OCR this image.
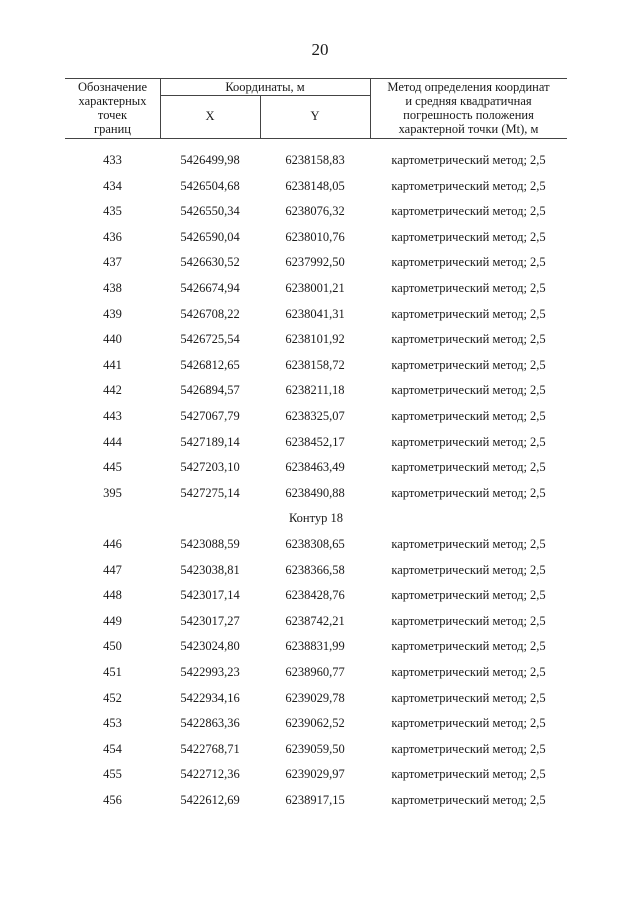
20
Обозначение
характерных
точек
границ
Координаты, м
X	Y
Метод определения координат
и средняя квадратичная
погрешность положения
характерной точки (Mt), м
433	5426499,98	6238158,83	картометрический метод; 2,5
434	5426504,68	6238148,05	картометрический метод; 2,5
435	5426550,34	6238076,32	картометрический метод; 2,5
436	5426590,04	6238010,76	картометрический метод; 2,5
437	5426630,52	6237992,50	картометрический метод; 2,5
438	5426674,94	6238001,21	картометрический метод; 2,5
439	5426708,22	6238041,31	картометрический метод; 2,5
440	5426725,54	6238101,92	картометрический метод; 2,5
441	5426812,65	6238158,72	картометрический метод; 2,5
442	5426894,57	6238211,18	картометрический метод; 2,5
443	5427067,79	6238325,07	картометрический метод; 2,5
444	5427189,14	6238452,17	картометрический метод; 2,5
445	5427203,10	6238463,49	картометрический метод; 2,5
395	5427275,14	6238490,88	картометрический метод; 2,5
Контур 18
446	5423088,59	6238308,65	картометрический метод; 2,5
447	5423038,81	6238366,58	картометрический метод; 2,5
448	5423017,14	6238428,76	картометрический метод; 2,5
449	5423017,27	6238742,21	картометрический метод; 2,5
450	5423024,80	6238831,99	картометрический метод; 2,5
451	5422993,23	6238960,77	картометрический метод; 2,5
452	5422934,16	6239029,78	картометрический метод; 2,5
453	5422863,36	6239062,52	картометрический метод; 2,5
454	5422768,71	6239059,50	картометрический метод; 2,5
455	5422712,36	6239029,97	картометрический метод; 2,5
456	5422612,69	6238917,15	картометрический метод; 2,5
